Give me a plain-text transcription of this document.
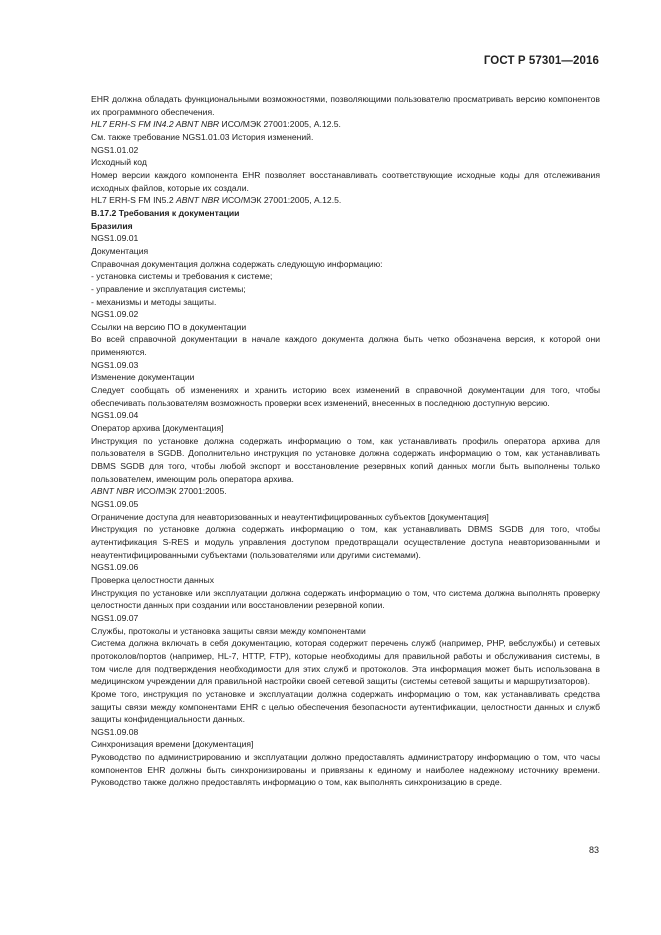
ГОСТ Р 57301—2016

EHR должна обладать функциональными возможностями, позволяющими пользователю просматривать версию компонентов их программного обеспечения.

HL7 ERH-S FM IN4.2 ABNT NBR ИСО/МЭК 27001:2005, А.12.5.

См. также требование NGS1.01.03 История изменений.

NGS1.01.02

Исходный код

Номер версии каждого компонента EHR позволяет восстанавливать соответствующие исходные коды для отслеживания исходных файлов, которые их создали.

HL7 ERH-S FM IN5.2 ABNT NBR ИСО/МЭК 27001:2005, А.12.5.

В.17.2 Требования к документации

Бразилия

NGS1.09.01

Документация

Справочная документация должна содержать следующую информацию:

- установка системы и требования к системе;

- управление и эксплуатация системы;

- механизмы и методы защиты.

NGS1.09.02

Ссылки на версию ПО в документации

Во всей справочной документации в начале каждого документа должна быть четко обозначена версия, к которой они применяются.

NGS1.09.03

Изменение документации

Следует сообщать об изменениях и хранить историю всех изменений в справочной документации для того, чтобы обеспечивать пользователям возможность проверки всех изменений, внесенных в последнюю доступную версию.

NGS1.09.04

Оператор архива [документация]

Инструкция по установке должна содержать информацию о том, как устанавливать профиль оператора архива для пользователя в SGDB. Дополнительно инструкция по установке должна содержать информацию о том, как устанавливать DBMS SGDB для того, чтобы любой экспорт и восстановление резервных копий данных могли быть выполнены только пользователем, имеющим роль оператора архива.

ABNT NBR ИСО/МЭК 27001:2005.

NGS1.09.05

Ограничение доступа для неавторизованных и неаутентифицированных субъектов [документация]

Инструкция по установке должна содержать информацию о том, как устанавливать DBMS SGDB для того, чтобы аутентификация S-RES и модуль управления доступом предотвращали осуществление доступа неавторизованными и неаутентифицированными субъектами (пользователями или другими системами).

NGS1.09.06

Проверка целостности данных

Инструкция по установке или эксплуатации должна содержать информацию о том, что система должна выполнять проверку целостности данных при создании или восстановлении резервной копии.

NGS1.09.07

Службы, протоколы и установка защиты связи между компонентами

Система должна включать в себя документацию, которая содержит перечень служб (например, PHP, вебслужбы) и сетевых протоколов/портов (например, HL-7, HTTP, FTP), которые необходимы для правильной работы и обслуживания системы, в том числе для подтверждения необходимости для этих служб и протоколов. Эта информация может быть использована в медицинском учреждении для правильной настройки своей сетевой защиты (системы сетевой защиты и маршрутизаторов).

Кроме того, инструкция по установке и эксплуатации должна содержать информацию о том, как устанавливать средства защиты связи между компонентами EHR с целью обеспечения безопасности аутентификации, целостности данных и служб защиты конфиденциальности данных.

NGS1.09.08

Синхронизация времени [документация]

Руководство по администрированию и эксплуатации должно предоставлять администратору информацию о том, что часы компонентов EHR должны быть синхронизированы и привязаны к единому и наиболее надежному источнику времени. Руководство также должно предоставлять информацию о том, как выполнять синхронизацию в среде.

83
